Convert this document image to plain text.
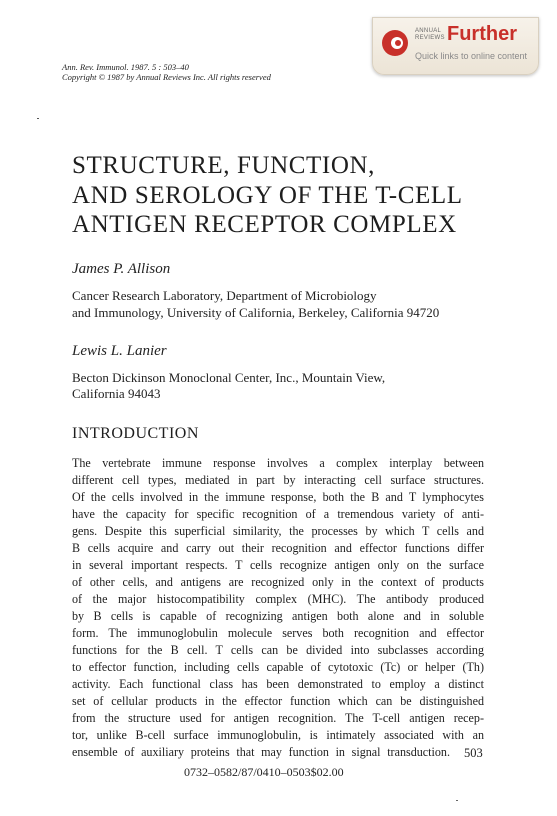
ANNUAL
REVIEWS Further
Quick links to online content
Ann. Rev. Immunol. 1987. 5 : 503–40
Copyright © 1987 by Annual Reviews Inc. All rights reserved
STRUCTURE, FUNCTION,
AND SEROLOGY OF THE T-CELL
ANTIGEN RECEPTOR COMPLEX
James P. Allison
Cancer Research Laboratory, Department of Microbiology
and Immunology, University of California, Berkeley, California 94720
Lewis L. Lanier
Becton Dickinson Monoclonal Center, Inc., Mountain View,
California 94043
INTRODUCTION
The vertebrate immune response involves a complex interplay between
different cell types, mediated in part by interacting cell surface structures.
Of the cells involved in the immune response, both the B and T lymphocytes
have the capacity for specific recognition of a tremendous variety of anti-
gens. Despite this superficial similarity, the processes by which T cells and
B cells acquire and carry out their recognition and effector functions differ
in several important respects. T cells recognize antigen only on the surface
of other cells, and antigens are recognized only in the context of products
of the major histocompatibility complex (MHC). The antibody produced
by B cells is capable of recognizing antigen both alone and in soluble
form. The immunoglobulin molecule serves both recognition and effector
functions for the B cell. T cells can be divided into subclasses according
to effector function, including cells capable of cytotoxic (Tc) or helper (Th)
activity. Each functional class has been demonstrated to employ a distinct
set of cellular products in the effector function which can be distinguished
from the structure used for antigen recognition. The T-cell antigen recep-
tor, unlike B-cell surface immunoglobulin, is intimately associated with an
ensemble of auxiliary proteins that may function in signal transduction. 503
0732–0582/87/0410–0503$02.00
